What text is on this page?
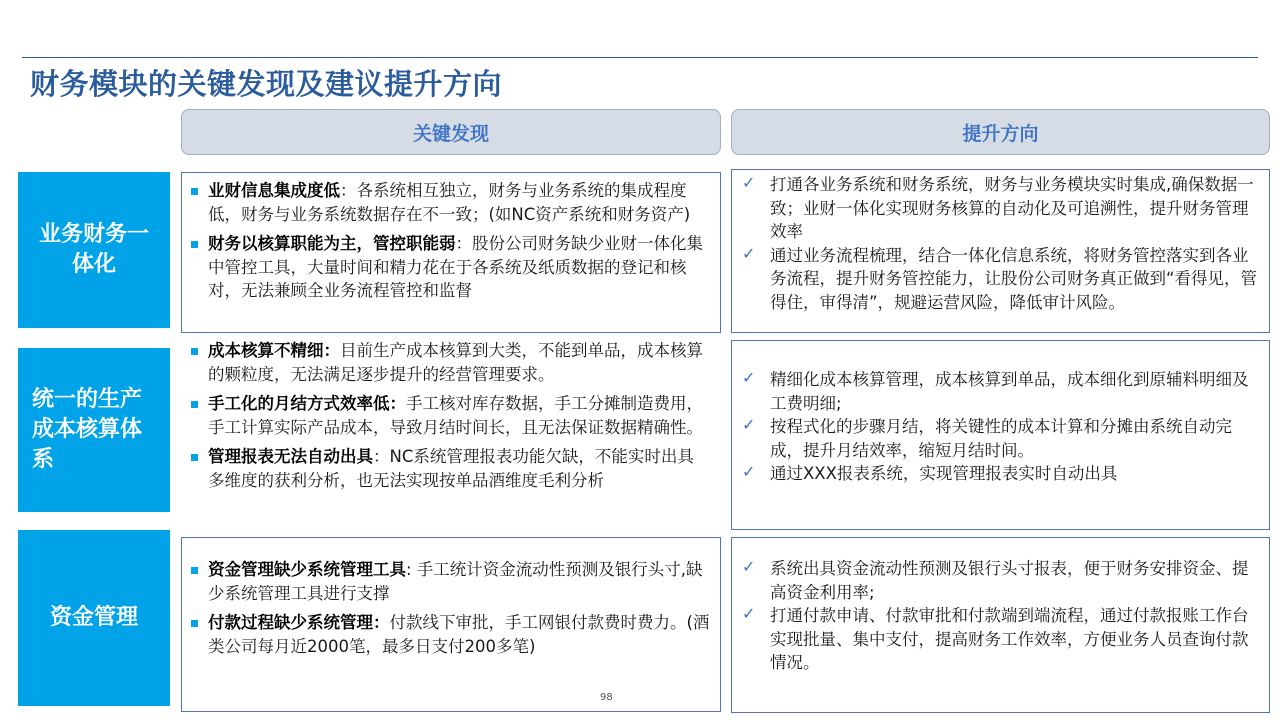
财务模块的关键发现及建议提升方向
关键发现	提升方向
业务财务一
体化
业财信息集成度低：各系统相互独立，财务与业务系统的集成程度低，财务与业务系统数据存在不一致；(如NC资产系统和财务资产)
财务以核算职能为主，管控职能弱：股份公司财务缺少业财一体化集中管控工具，大量时间和精力花在于各系统及纸质数据的登记和核对，无法兼顾全业务流程管控和监督
✓ 打通各业务系统和财务系统，财务与业务模块实时集成,确保数据一致；业财一体化实现财务核算的自动化及可追溯性，提升财务管理效率
✓ 通过业务流程梳理，结合一体化信息系统，将财务管控落实到各业务流程，提升财务管控能力，让股份公司财务真正做到“看得见，管得住，审得清”，规避运营风险，降低审计风险。
统一的生产
成本核算体
系
成本核算不精细：目前生产成本核算到大类，不能到单品，成本核算的颗粒度，无法满足逐步提升的经营管理要求。
手工化的月结方式效率低：手工核对库存数据，手工分摊制造费用，手工计算实际产品成本，导致月结时间长，且无法保证数据精确性。
管理报表无法自动出具：NC系统管理报表功能欠缺，不能实时出具多维度的获利分析，也无法实现按单品酒维度毛利分析
✓ 精细化成本核算管理，成本核算到单品，成本细化到原辅料明细及工费明细;
✓ 按程式化的步骤月结，将关键性的成本计算和分摊由系统自动完成，提升月结效率，缩短月结时间。
✓ 通过XXX报表系统，实现管理报表实时自动出具
资金管理
资金管理缺少系统管理工具: 手工统计资金流动性预测及银行头寸,缺少系统管理工具进行支撑
付款过程缺少系统管理：付款线下审批，手工网银付款费时费力。(酒类公司每月近2000笔，最多日支付200多笔)
✓ 系统出具资金流动性预测及银行头寸报表，便于财务安排资金、提高资金利用率;
✓ 打通付款申请、付款审批和付款端到端流程，通过付款报账工作台实现批量、集中支付，提高财务工作效率，方便业务人员查询付款情况。
98
